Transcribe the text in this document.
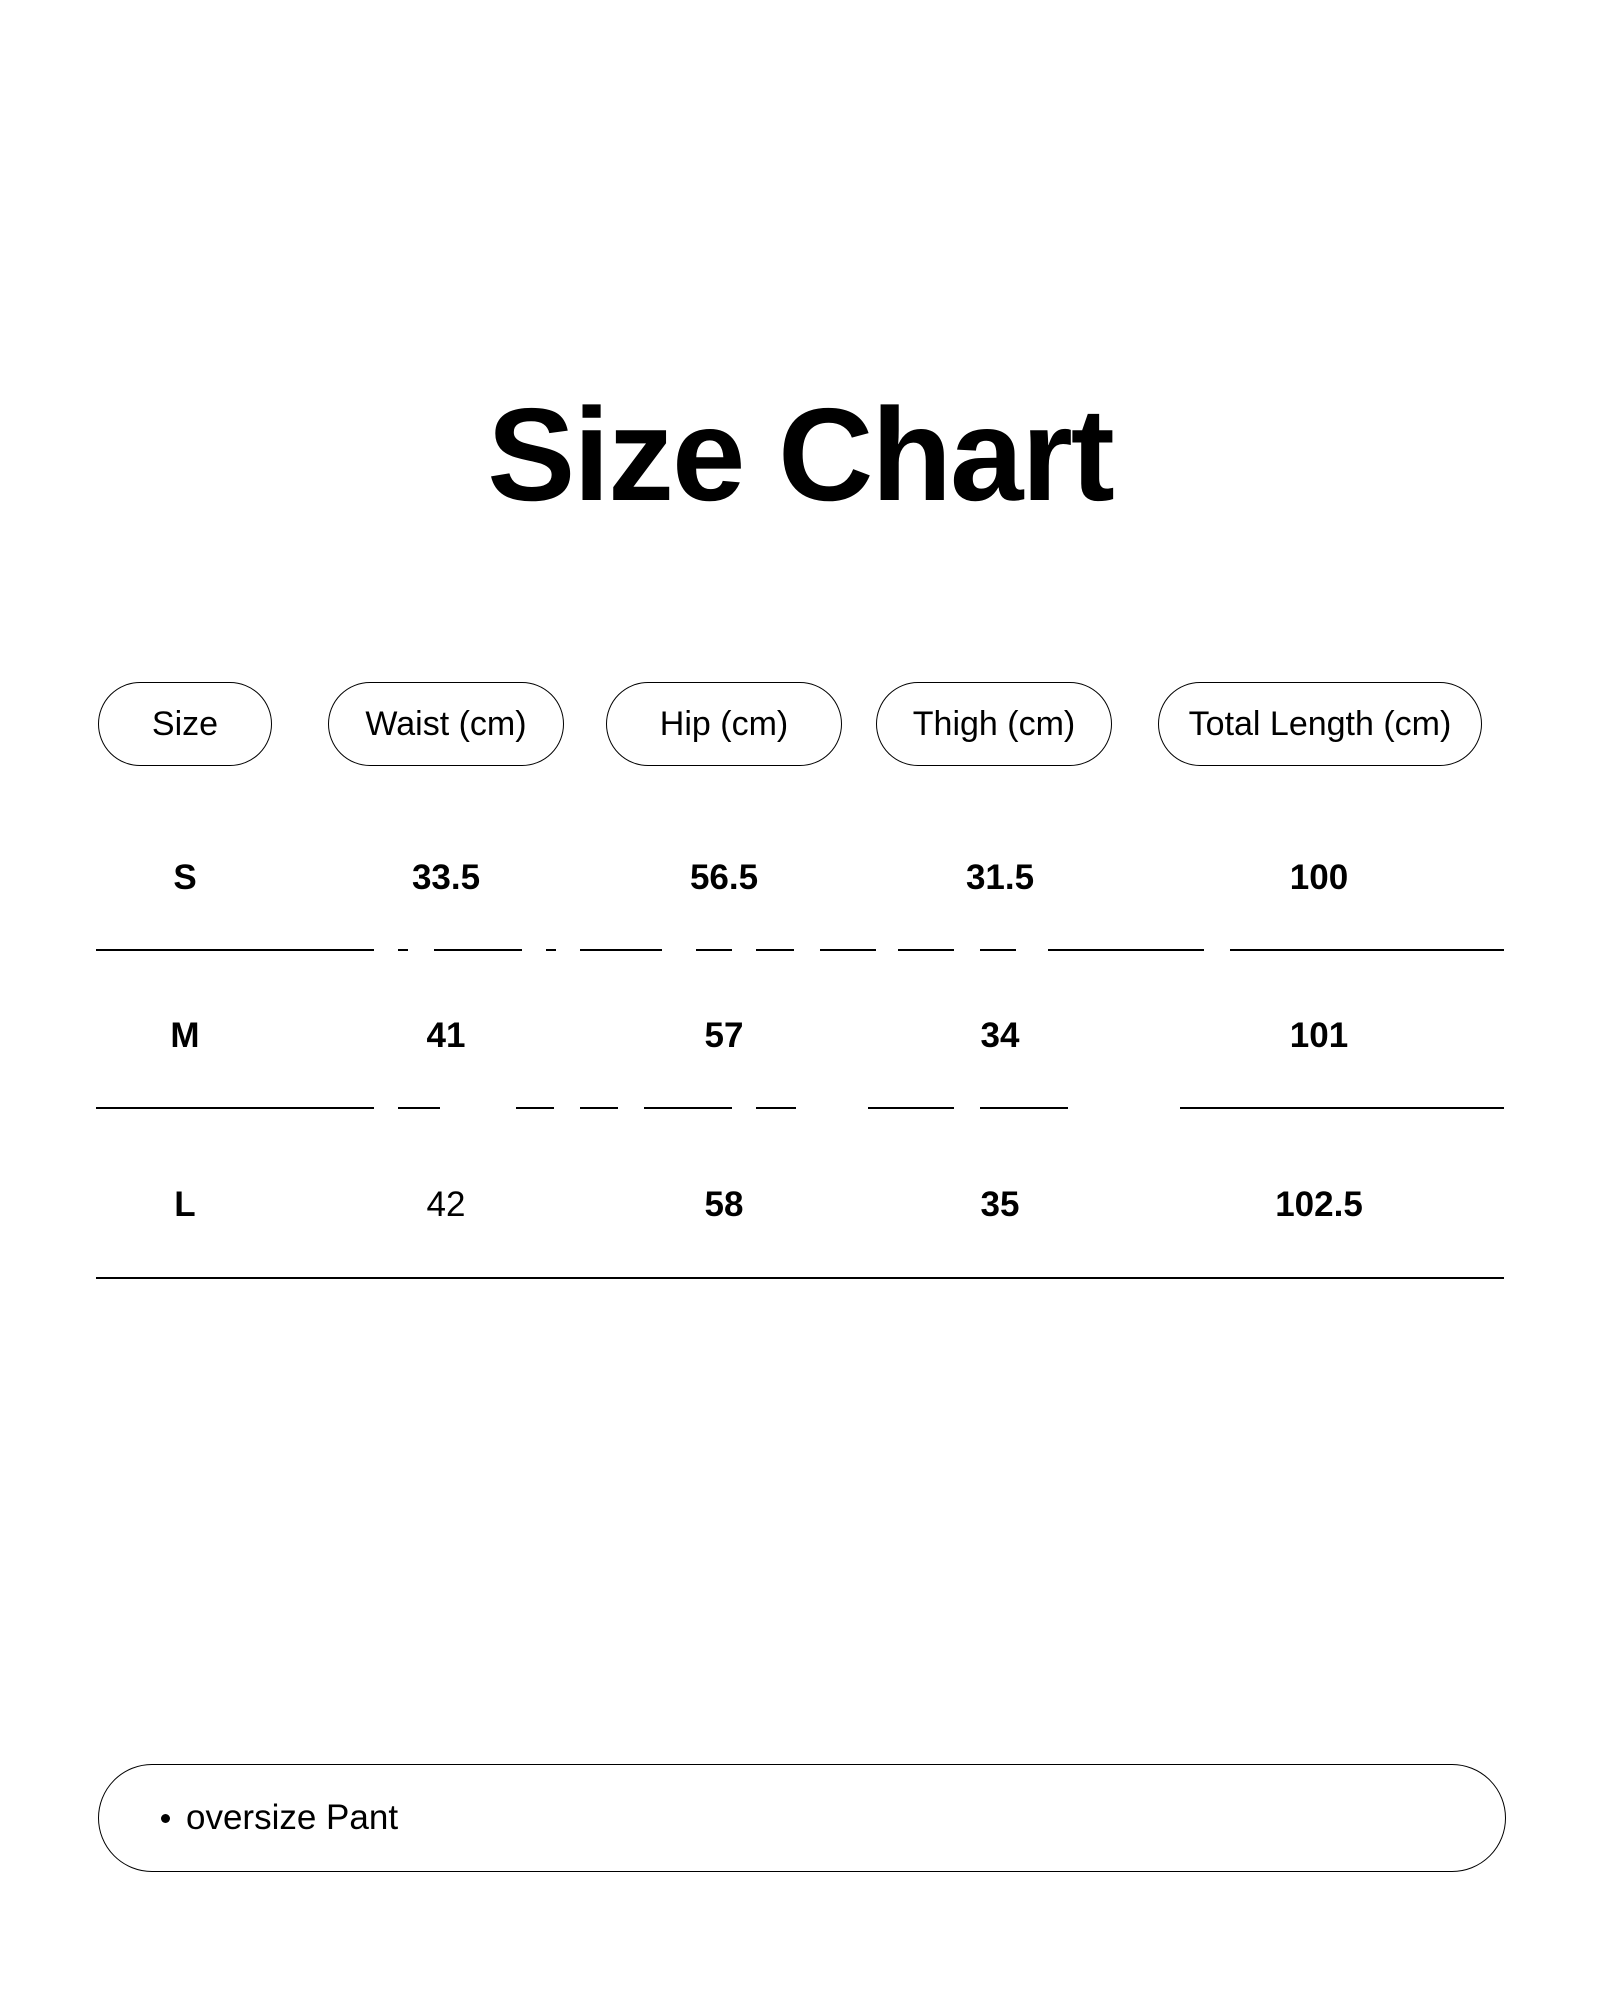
Size Chart
Size	Waist (cm)	Hip (cm)	Thigh (cm)	Total Length (cm)
S	33.5	56.5	31.5	100
M	41	57	34	101
L	42	58	35	102.5
oversize Pant
